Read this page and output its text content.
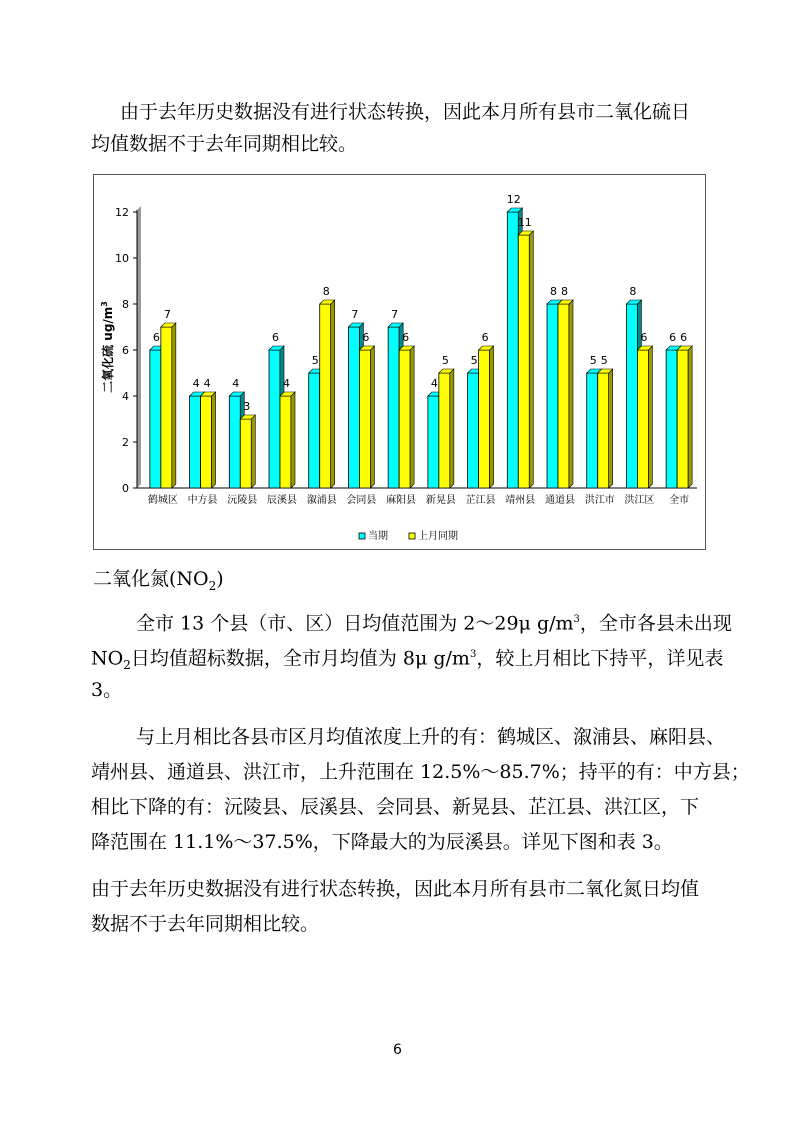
由于去年历史数据没有进行状态转换，因此本月所有县市二氧化硫日
均值数据不于去年同期相比较。
0
2
4
6
8
10
12
二氧化硫 $ug/m^3$
6
7
鹤城区
4 4
中方县
4
3
沅陵县
6
4
辰溪县
5
8
溆浦县
7
6
会同县
7
6
麻阳县
4
5
新晃县
5
6
芷江县
12
11
靖州县
8 8
通道县
5 5
洪江市
8
6
洪江区
6 6
全市
当期	上月同期
二氧化氮$(NO_2)$
全市 13 个县（市、区）日均值范围为 2～29μ $g/m^3$，全市各县未出现
$NO_2$日均值超标数据，全市月均值为 8μ $g/m^3$，较上月相比下持平，详见表
3。
与上月相比各县市区月均值浓度上升的有：鹤城区、溆浦县、麻阳县、
靖州县、通道县、洪江市，上升范围在 12.5%～85.7%；持平的有：中方县；
相比下降的有：沅陵县、辰溪县、会同县、新晃县、芷江县、洪江区，下
降范围在 11.1%～37.5%，下降最大的为辰溪县。详见下图和表 3。
由于去年历史数据没有进行状态转换，因此本月所有县市二氧化氮日均值
数据不于去年同期相比较。
6
